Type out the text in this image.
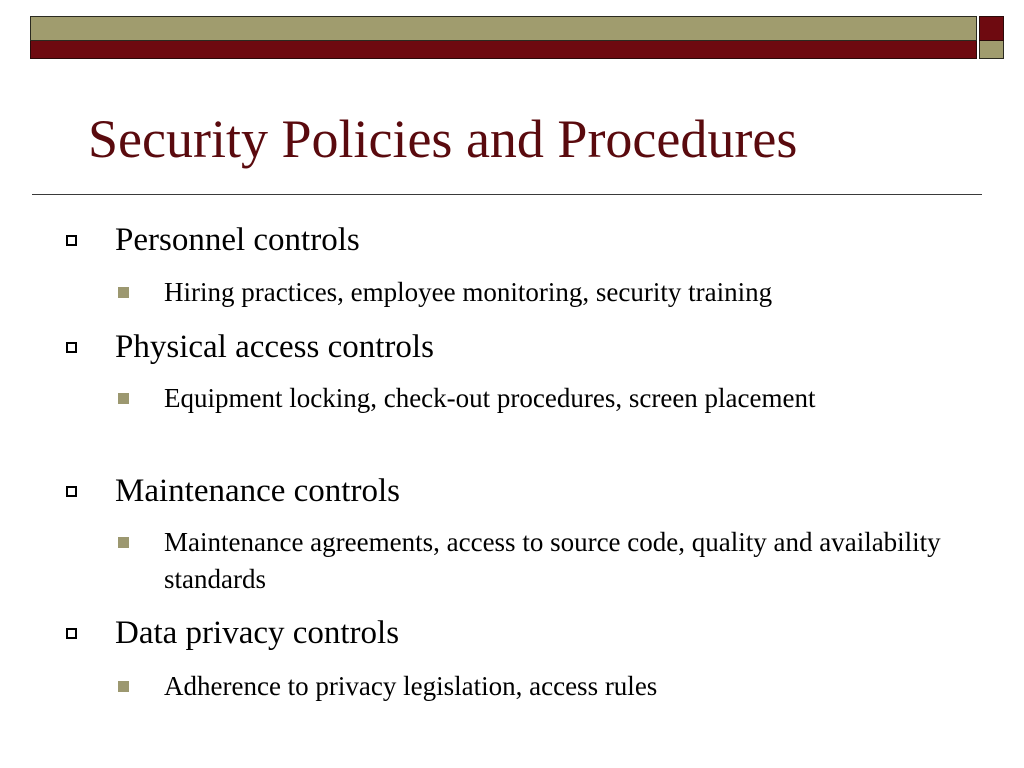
Security Policies and Procedures
Personnel controls
Hiring practices, employee monitoring, security training
Physical access controls
Equipment locking, check-out procedures, screen placement
Maintenance controls
Maintenance agreements, access to source code, quality and availability standards
Data privacy controls
Adherence to privacy legislation, access rules
